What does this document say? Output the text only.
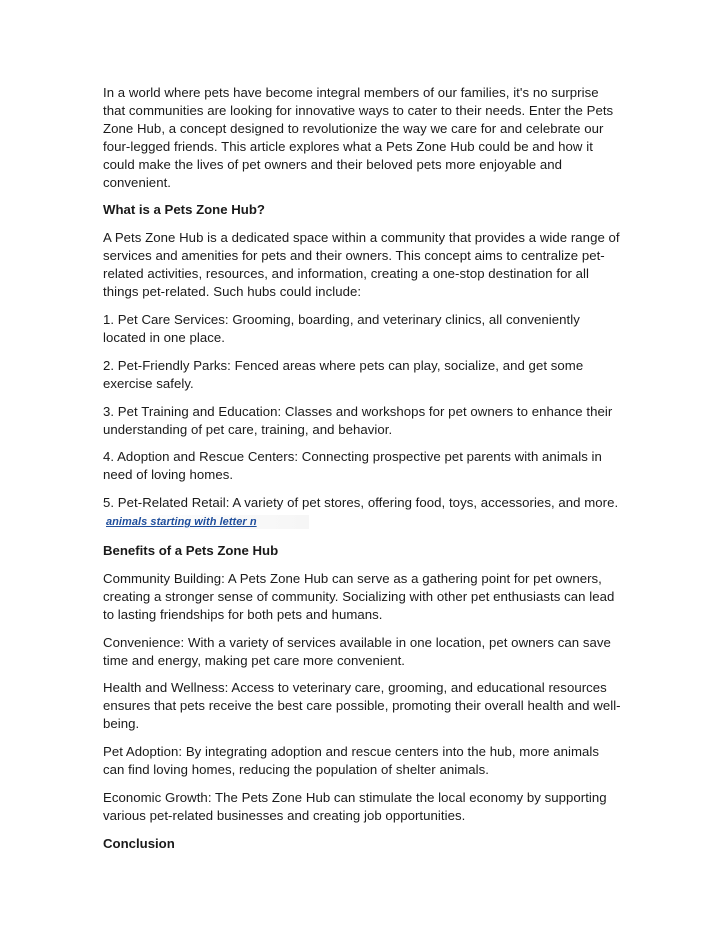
In a world where pets have become integral members of our families, it's no surprise that communities are looking for innovative ways to cater to their needs. Enter the Pets Zone Hub, a concept designed to revolutionize the way we care for and celebrate our four-legged friends. This article explores what a Pets Zone Hub could be and how it could make the lives of pet owners and their beloved pets more enjoyable and convenient.

What is a Pets Zone Hub?

A Pets Zone Hub is a dedicated space within a community that provides a wide range of services and amenities for pets and their owners. This concept aims to centralize pet-related activities, resources, and information, creating a one-stop destination for all things pet-related. Such hubs could include:

1. Pet Care Services: Grooming, boarding, and veterinary clinics, all conveniently located in one place.

2. Pet-Friendly Parks: Fenced areas where pets can play, socialize, and get some exercise safely.

3. Pet Training and Education: Classes and workshops for pet owners to enhance their understanding of pet care, training, and behavior.

4. Adoption and Rescue Centers: Connecting prospective pet parents with animals in need of loving homes.

5. Pet-Related Retail: A variety of pet stores, offering food, toys, accessories, and more. animals starting with letter n

Benefits of a Pets Zone Hub

Community Building: A Pets Zone Hub can serve as a gathering point for pet owners, creating a stronger sense of community. Socializing with other pet enthusiasts can lead to lasting friendships for both pets and humans.

Convenience: With a variety of services available in one location, pet owners can save time and energy, making pet care more convenient.

Health and Wellness: Access to veterinary care, grooming, and educational resources ensures that pets receive the best care possible, promoting their overall health and well-being.

Pet Adoption: By integrating adoption and rescue centers into the hub, more animals can find loving homes, reducing the population of shelter animals.

Economic Growth: The Pets Zone Hub can stimulate the local economy by supporting various pet-related businesses and creating job opportunities.

Conclusion
